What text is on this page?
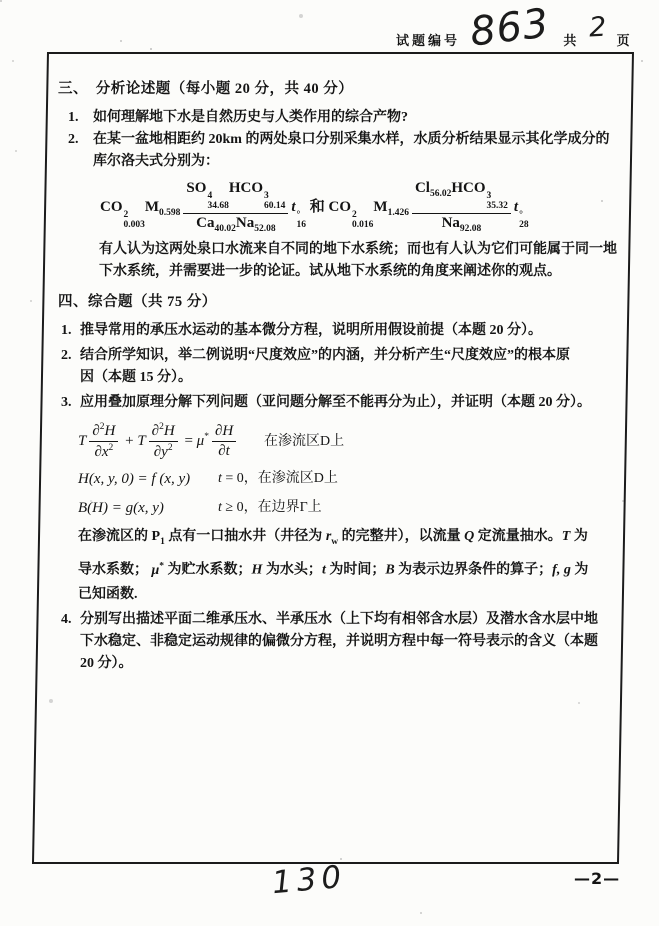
试题编号 863 共 2 页
三、　分析论述题（每小题 20 分，共 40 分）
1.	如何理解地下水是自然历史与人类作用的综合产物?
2.	在某一盆地相距约 20km 的两处泉口分别采集水样，水质分析结果显示其化学成分的
库尔洛夫式分别为：
CO 2
0.003
$M_{0.598}$ SO 4
34.68
HCO 3
60.14
$Ca_{40.02}Na_{52.08}$ t °
16
和 CO 2
0.016
$M_{1.426}$ $Cl_{56.02}HCO$ 3
35.32
$Na_{92.08}$ t °
28
有人认为这两处泉口水流来自不同的地下水系统；而也有人认为它们可能属于同一地
下水系统，并需要进一步的论证。试从地下水系统的角度来阐述你的观点。
四、综合题（共 75 分）
1. 推导常用的承压水运动的基本微分方程，说明所用假设前提（本题 20 分）。
2. 结合所学知识，举二例说明“尺度效应”的内涵，并分析产生“尺度效应”的根本原
因（本题 15 分）。
3. 应用叠加原理分解下列问题（亚问题分解至不能再分为止），并证明（本题 20 分）。
T $\frac{\partial^2H}{\partial x^2} + T \frac{\partial^2H}{\partial y^2} = \mu^* \frac{\partial H}{\partial t}$ 在渗流区D上
H(x, y, 0) = f (x, y)	t = 0，在渗流区D上
B(H) = g(x, y)	t ≥ 0，在边界Γ上
在渗流区的 $P_1$ 点有一口抽水井（井径为 $r_w$ 的完整井），以流量 Q 定流量抽水。T 为
导水系数； μ* 为贮水系数；H 为水头；t 为时间；B 为表示边界条件的算子；f, g 为
已知函数.
4. 分别写出描述平面二维承压水、半承压水（上下均有相邻含水层）及潜水含水层中地
下水稳定、非稳定运动规律的偏微分方程，并说明方程中每一符号表示的含义（本题
20 分）。
130	—2—
